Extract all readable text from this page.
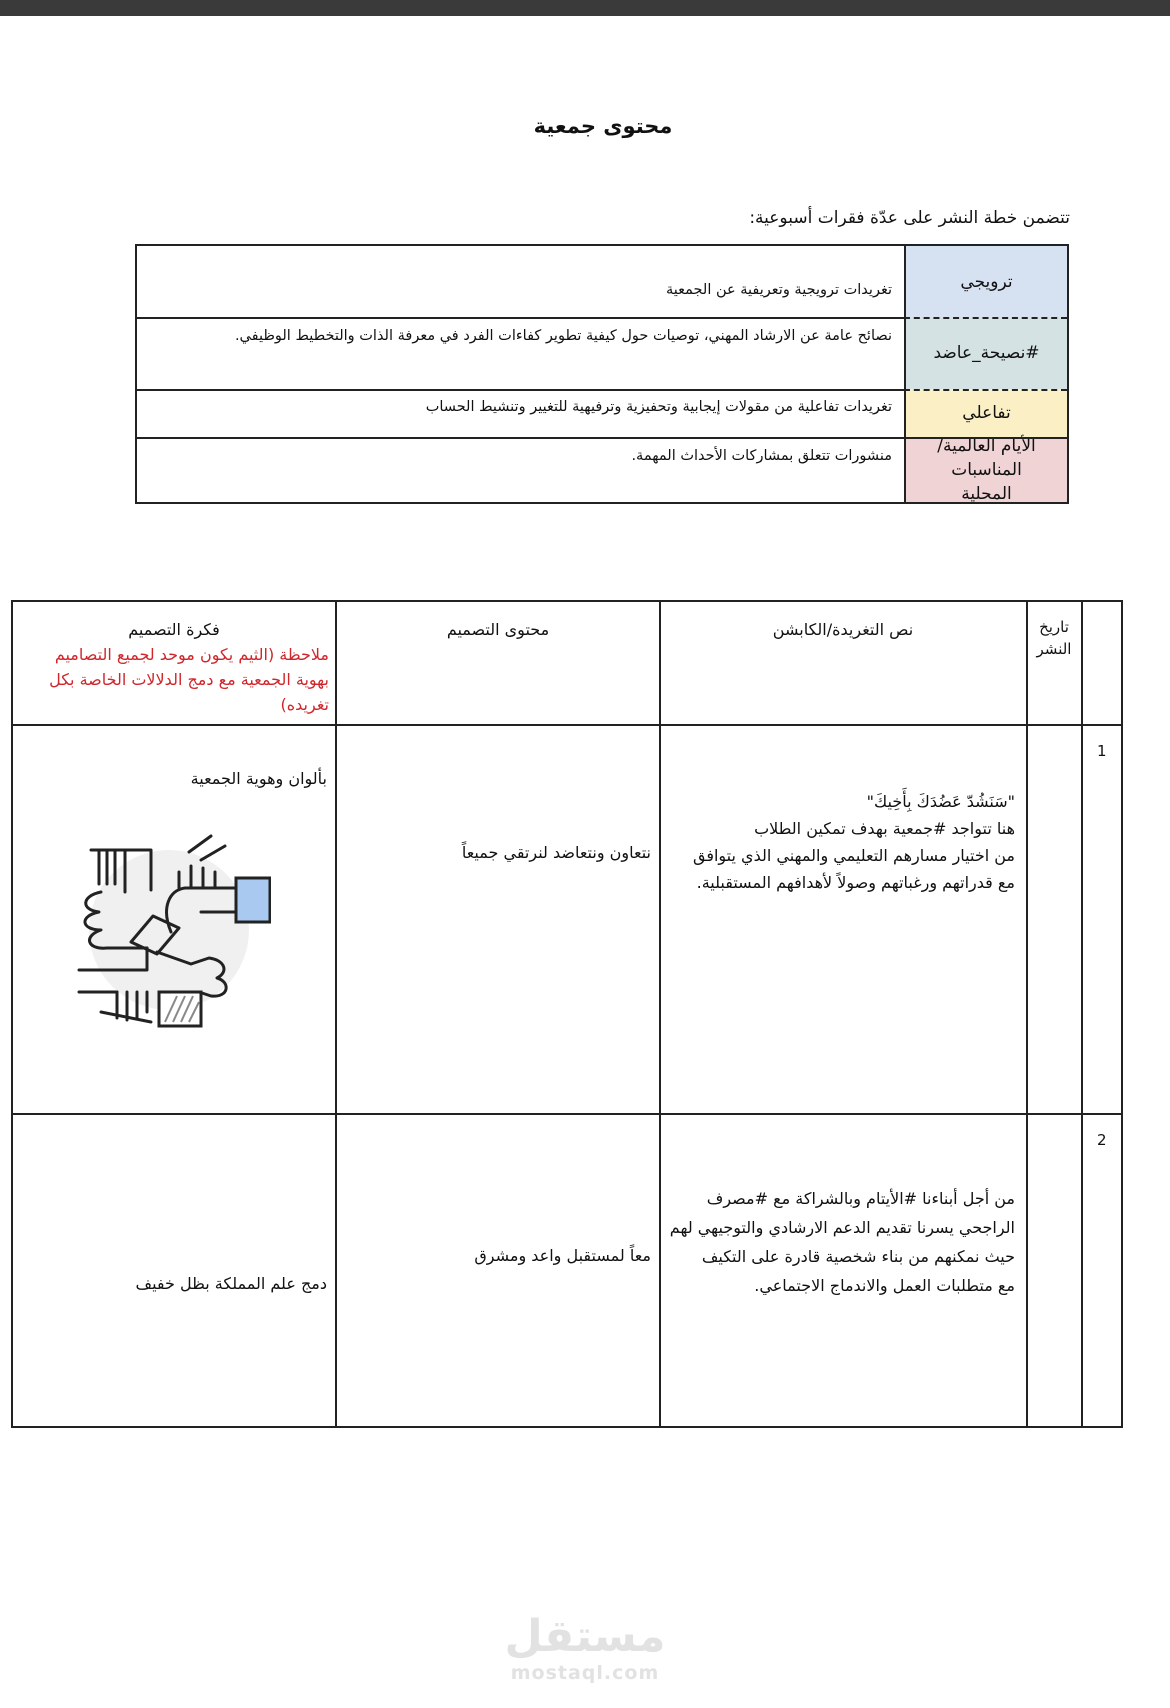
محتوى جمعية
تتضمن خطة النشر على عدّة فقرات أسبوعية:
ترويجي
تغريدات ترويجية وتعريفية عن الجمعية
#نصيحة_عاضد
نصائح عامة عن الارشاد المهني، توصيات حول كيفية تطوير كفاءات الفرد في معرفة الذات والتخطيط الوظيفي.
تفاعلي
تغريدات تفاعلية من مقولات إيجابية وتحفيزية وترفيهية للتغيير وتنشيط الحساب
الأيام العالمية/ المناسبات المحلية
منشورات تتعلق بمشاركات الأحداث المهمة.
تاريخ النشر
نص التغريدة/الكابشن
محتوى التصميم
فكرة التصميم
ملاحظة (الثيم يكون موحد لجميع التصاميم بهوية الجمعية مع دمج الدلالات الخاصة بكل تغريده)
1
"سَنَشُدّ عَضُدَكَ بِأَخِيكَ"
هنا تتواجد #جمعية بهدف تمكين الطلاب
من اختيار مسارهم التعليمي والمهني الذي يتوافق
مع قدراتهم ورغباتهم وصولاً لأهدافهم المستقبلية.
نتعاون ونتعاضد لنرتقي جميعاً
بألوان وهوية الجمعية
2
من أجل أبناءنا #الأيتام وبالشراكة مع #مصرف
الراجحي يسرنا تقديم الدعم الارشادي والتوجيهي لهم
حيث نمكنهم من بناء شخصية قادرة على التكيف
مع متطلبات العمل والاندماج الاجتماعي.
معاً لمستقبل واعد ومشرق
دمج علم المملكة بظل خفيف
مستقل
mostaql.com
